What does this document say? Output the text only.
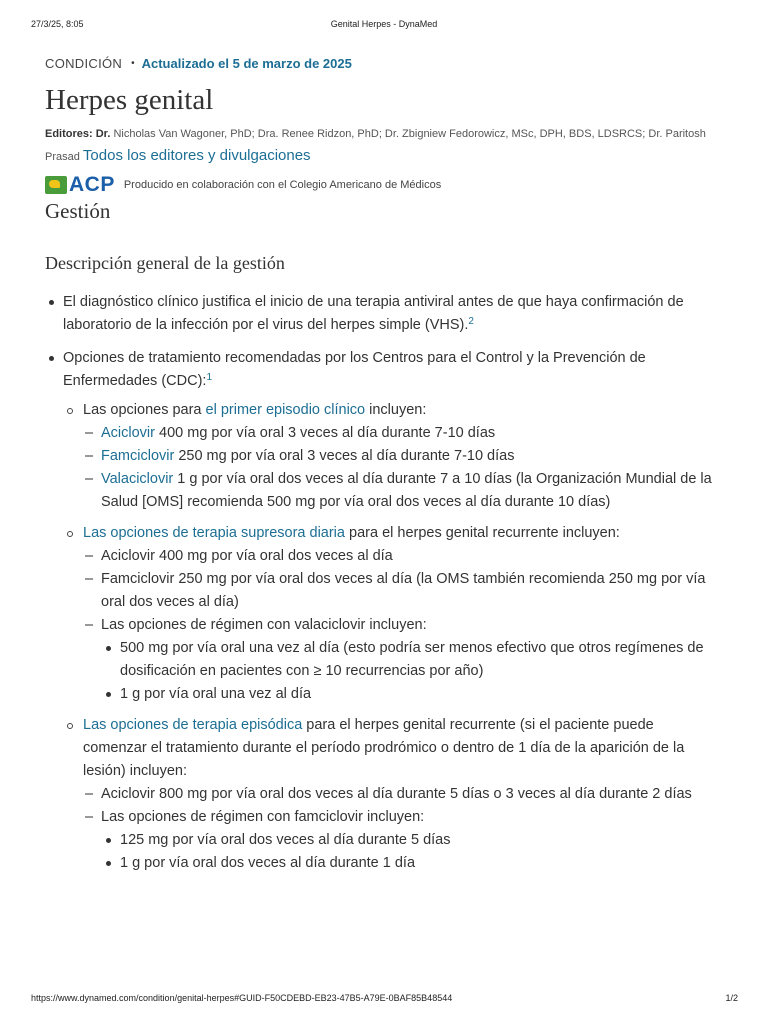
27/3/25, 8:05	Genital Herpes - DynaMed
CONDICIÓN • Actualizado el 5 de marzo de 2025
Herpes genital
Editores: Dr. Nicholas Van Wagoner, PhD; Dra. Renee Ridzon, PhD; Dr. Zbigniew Fedorowicz, MSc, DPH, BDS, LDSRCS; Dr. Paritosh Prasad Todos los editores y divulgaciones
ACP Producido en colaboración con el Colegio Americano de Médicos
Gestión
Descripción general de la gestión
El diagnóstico clínico justifica el inicio de una terapia antiviral antes de que haya confirmación de laboratorio de la infección por el virus del herpes simple (VHS).$^2$
Opciones de tratamiento recomendadas por los Centros para el Control y la Prevención de Enfermedades (CDC):$^1$
Las opciones para el primer episodio clínico incluyen:
– Aciclovir 400 mg por vía oral 3 veces al día durante 7-10 días
– Famciclovir 250 mg por vía oral 3 veces al día durante 7-10 días
– Valaciclovir 1 g por vía oral dos veces al día durante 7 a 10 días (la Organización Mundial de la Salud [OMS] recomienda 500 mg por vía oral dos veces al día durante 10 días)
Las opciones de terapia supresora diaria para el herpes genital recurrente incluyen:
– Aciclovir 400 mg por vía oral dos veces al día
– Famciclovir 250 mg por vía oral dos veces al día (la OMS también recomienda 250 mg por vía oral dos veces al día)
– Las opciones de régimen con valaciclovir incluyen:
500 mg por vía oral una vez al día (esto podría ser menos efectivo que otros regímenes de dosificación en pacientes con ≥ 10 recurrencias por año)
1 g por vía oral una vez al día
Las opciones de terapia episódica para el herpes genital recurrente (si el paciente puede comenzar el tratamiento durante el período prodrómico o dentro de 1 día de la aparición de la lesión) incluyen:
– Aciclovir 800 mg por vía oral dos veces al día durante 5 días o 3 veces al día durante 2 días
– Las opciones de régimen con famciclovir incluyen:
125 mg por vía oral dos veces al día durante 5 días
1 g por vía oral dos veces al día durante 1 día
https://www.dynamed.com/condition/genital-herpes#GUID-F50CDEBD-EB23-47B5-A79E-0BAF85B48544	1/2
